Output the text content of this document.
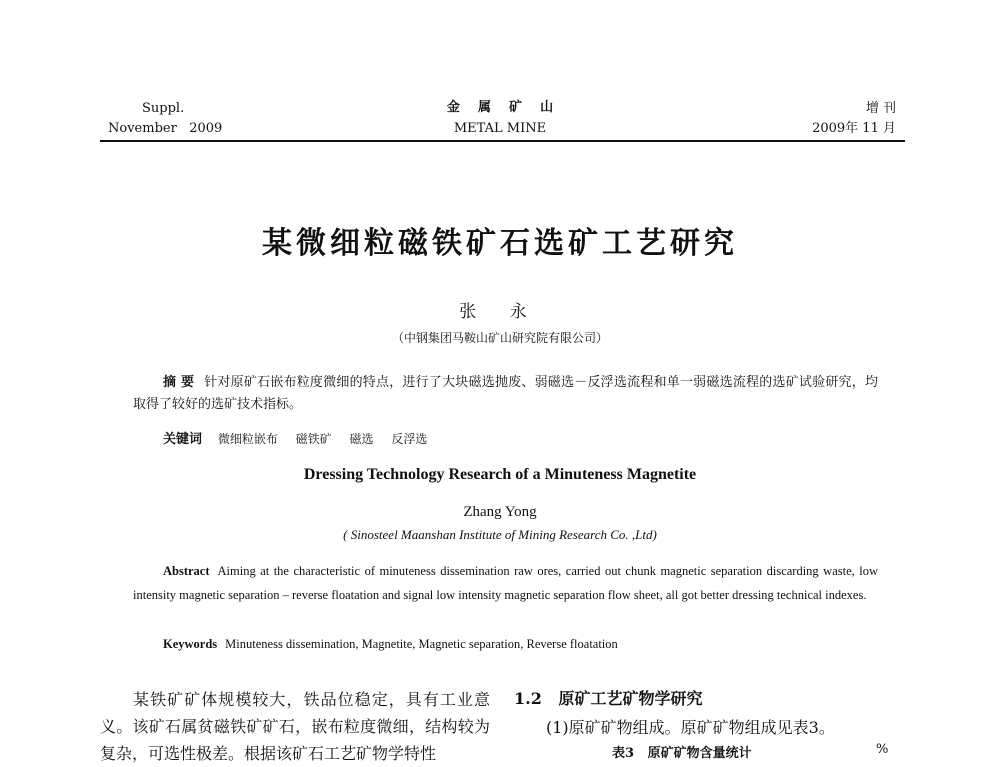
Suppl.
November   2009
金    属    矿    山
METAL MINE
增 刊
2009年 11 月
某微细粒磁铁矿石选矿工艺研究
张 永
（中钢集团马鞍山矿山研究院有限公司）
摘 要 针对原矿石嵌布粒度微细的特点，进行了大块磁选抛废、弱磁选－反浮选流程和单一弱磁选流程的选矿试验研究，均取得了较好的选矿技术指标。
关键词 微细粒嵌布 磁铁矿 磁选 反浮选
Dressing Technology Research of a Minuteness Magnetite
Zhang Yong
( Sinosteel Maanshan Institute of Mining Research Co. ,Ltd)
Abstract Aiming at the characteristic of minuteness dissemination raw ores, carried out chunk magnetic separation discarding waste, low intensity magnetic separation – reverse floatation and signal low intensity magnetic separation flow sheet, all got better dressing technical indexes.
Keywords Minuteness dissemination, Magnetite, Magnetic separation, Reverse floatation
某铁矿矿体规模较大，铁品位稳定，具有工业意义。该矿石属贫磁铁矿矿石，嵌布粒度微细，结构较为复杂，可选性极差。根据该矿石工艺矿物学特性
1.2   原矿工艺矿物学研究
(1)原矿矿物组成。原矿矿物组成见表3。
表3   原矿矿物含量统计	%
